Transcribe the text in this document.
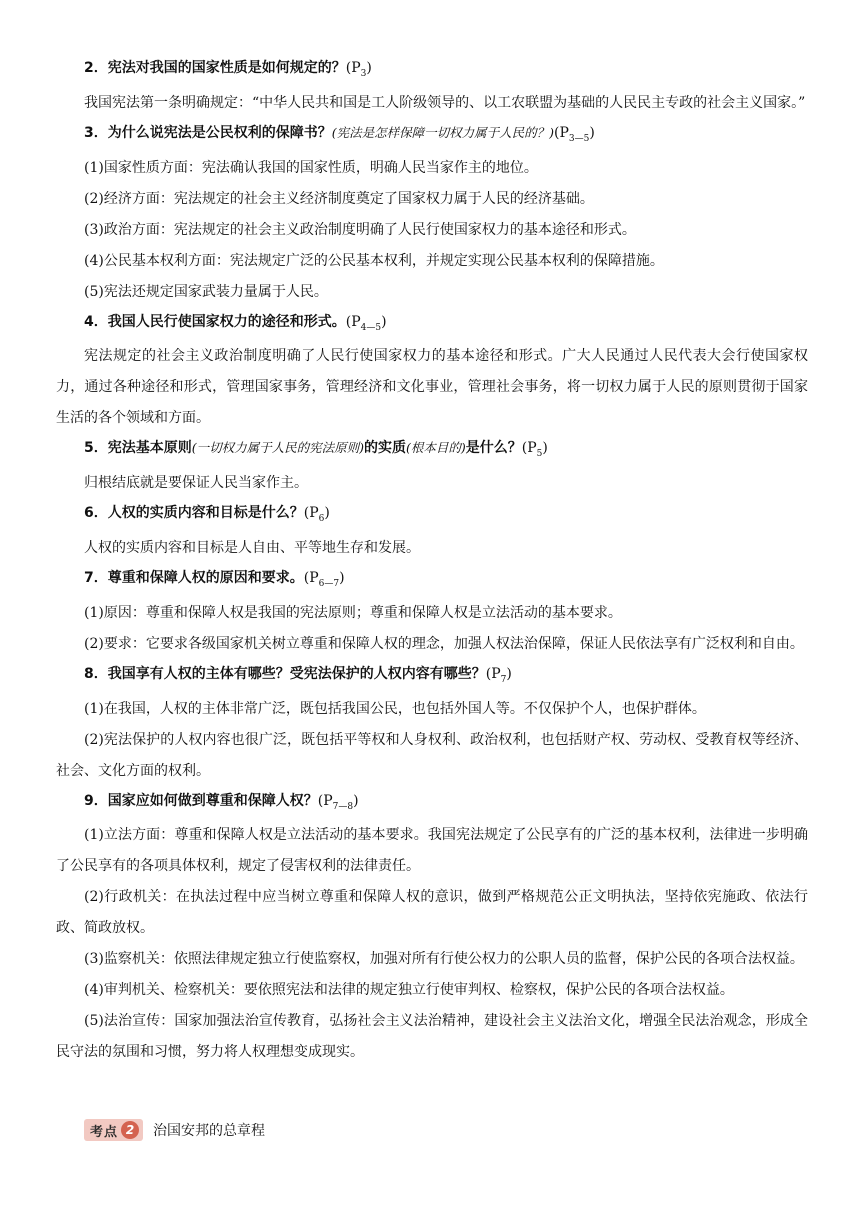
2．宪法对我国的国家性质是如何规定的？$(P_3)$

我国宪法第一条明确规定：“中华人民共和国是工人阶级领导的、以工农联盟为基础的人民民主专政的社会主义国家。”

3．为什么说宪法是公民权利的保障书？(宪法是怎样保障一切权力属于人民的？)$(P_{3—5})$

(1)国家性质方面：宪法确认我国的国家性质，明确人民当家作主的地位。

(2)经济方面：宪法规定的社会主义经济制度奠定了国家权力属于人民的经济基础。

(3)政治方面：宪法规定的社会主义政治制度明确了人民行使国家权力的基本途径和形式。

(4)公民基本权利方面：宪法规定广泛的公民基本权利，并规定实现公民基本权利的保障措施。

(5)宪法还规定国家武装力量属于人民。

4．我国人民行使国家权力的途径和形式。$(P_{4—5})$

宪法规定的社会主义政治制度明确了人民行使国家权力的基本途径和形式。广大人民通过人民代表大会行使国家权力，通过各种途径和形式，管理国家事务，管理经济和文化事业，管理社会事务，将一切权力属于人民的原则贯彻于国家生活的各个领域和方面。

5．宪法基本原则(一切权力属于人民的宪法原则)的实质(根本目的)是什么？$(P_5)$

归根结底就是要保证人民当家作主。

6．人权的实质内容和目标是什么？$(P_6)$

人权的实质内容和目标是人自由、平等地生存和发展。

7．尊重和保障人权的原因和要求。$(P_{6—7})$

(1)原因：尊重和保障人权是我国的宪法原则；尊重和保障人权是立法活动的基本要求。

(2)要求：它要求各级国家机关树立尊重和保障人权的理念，加强人权法治保障，保证人民依法享有广泛权利和自由。

8．我国享有人权的主体有哪些？受宪法保护的人权内容有哪些？$(P_7)$

(1)在我国，人权的主体非常广泛，既包括我国公民，也包括外国人等。不仅保护个人，也保护群体。

(2)宪法保护的人权内容也很广泛，既包括平等权和人身权利、政治权利，也包括财产权、劳动权、受教育权等经济、社会、文化方面的权利。

9．国家应如何做到尊重和保障人权？$(P_{7—8})$

(1)立法方面：尊重和保障人权是立法活动的基本要求。我国宪法规定了公民享有的广泛的基本权利，法律进一步明确了公民享有的各项具体权利，规定了侵害权利的法律责任。

(2)行政机关：在执法过程中应当树立尊重和保障人权的意识，做到严格规范公正文明执法，坚持依宪施政、依法行政、简政放权。

(3)监察机关：依照法律规定独立行使监察权，加强对所有行使公权力的公职人员的监督，保护公民的各项合法权益。

(4)审判机关、检察机关：要依照宪法和法律的规定独立行使审判权、检察权，保护公民的各项合法权益。

(5)法治宣传：国家加强法治宣传教育，弘扬社会主义法治精神，建设社会主义法治文化，增强全民法治观念，形成全民守法的氛围和习惯，努力将人权理想变成现实。

考点 2	治国安邦的总章程
